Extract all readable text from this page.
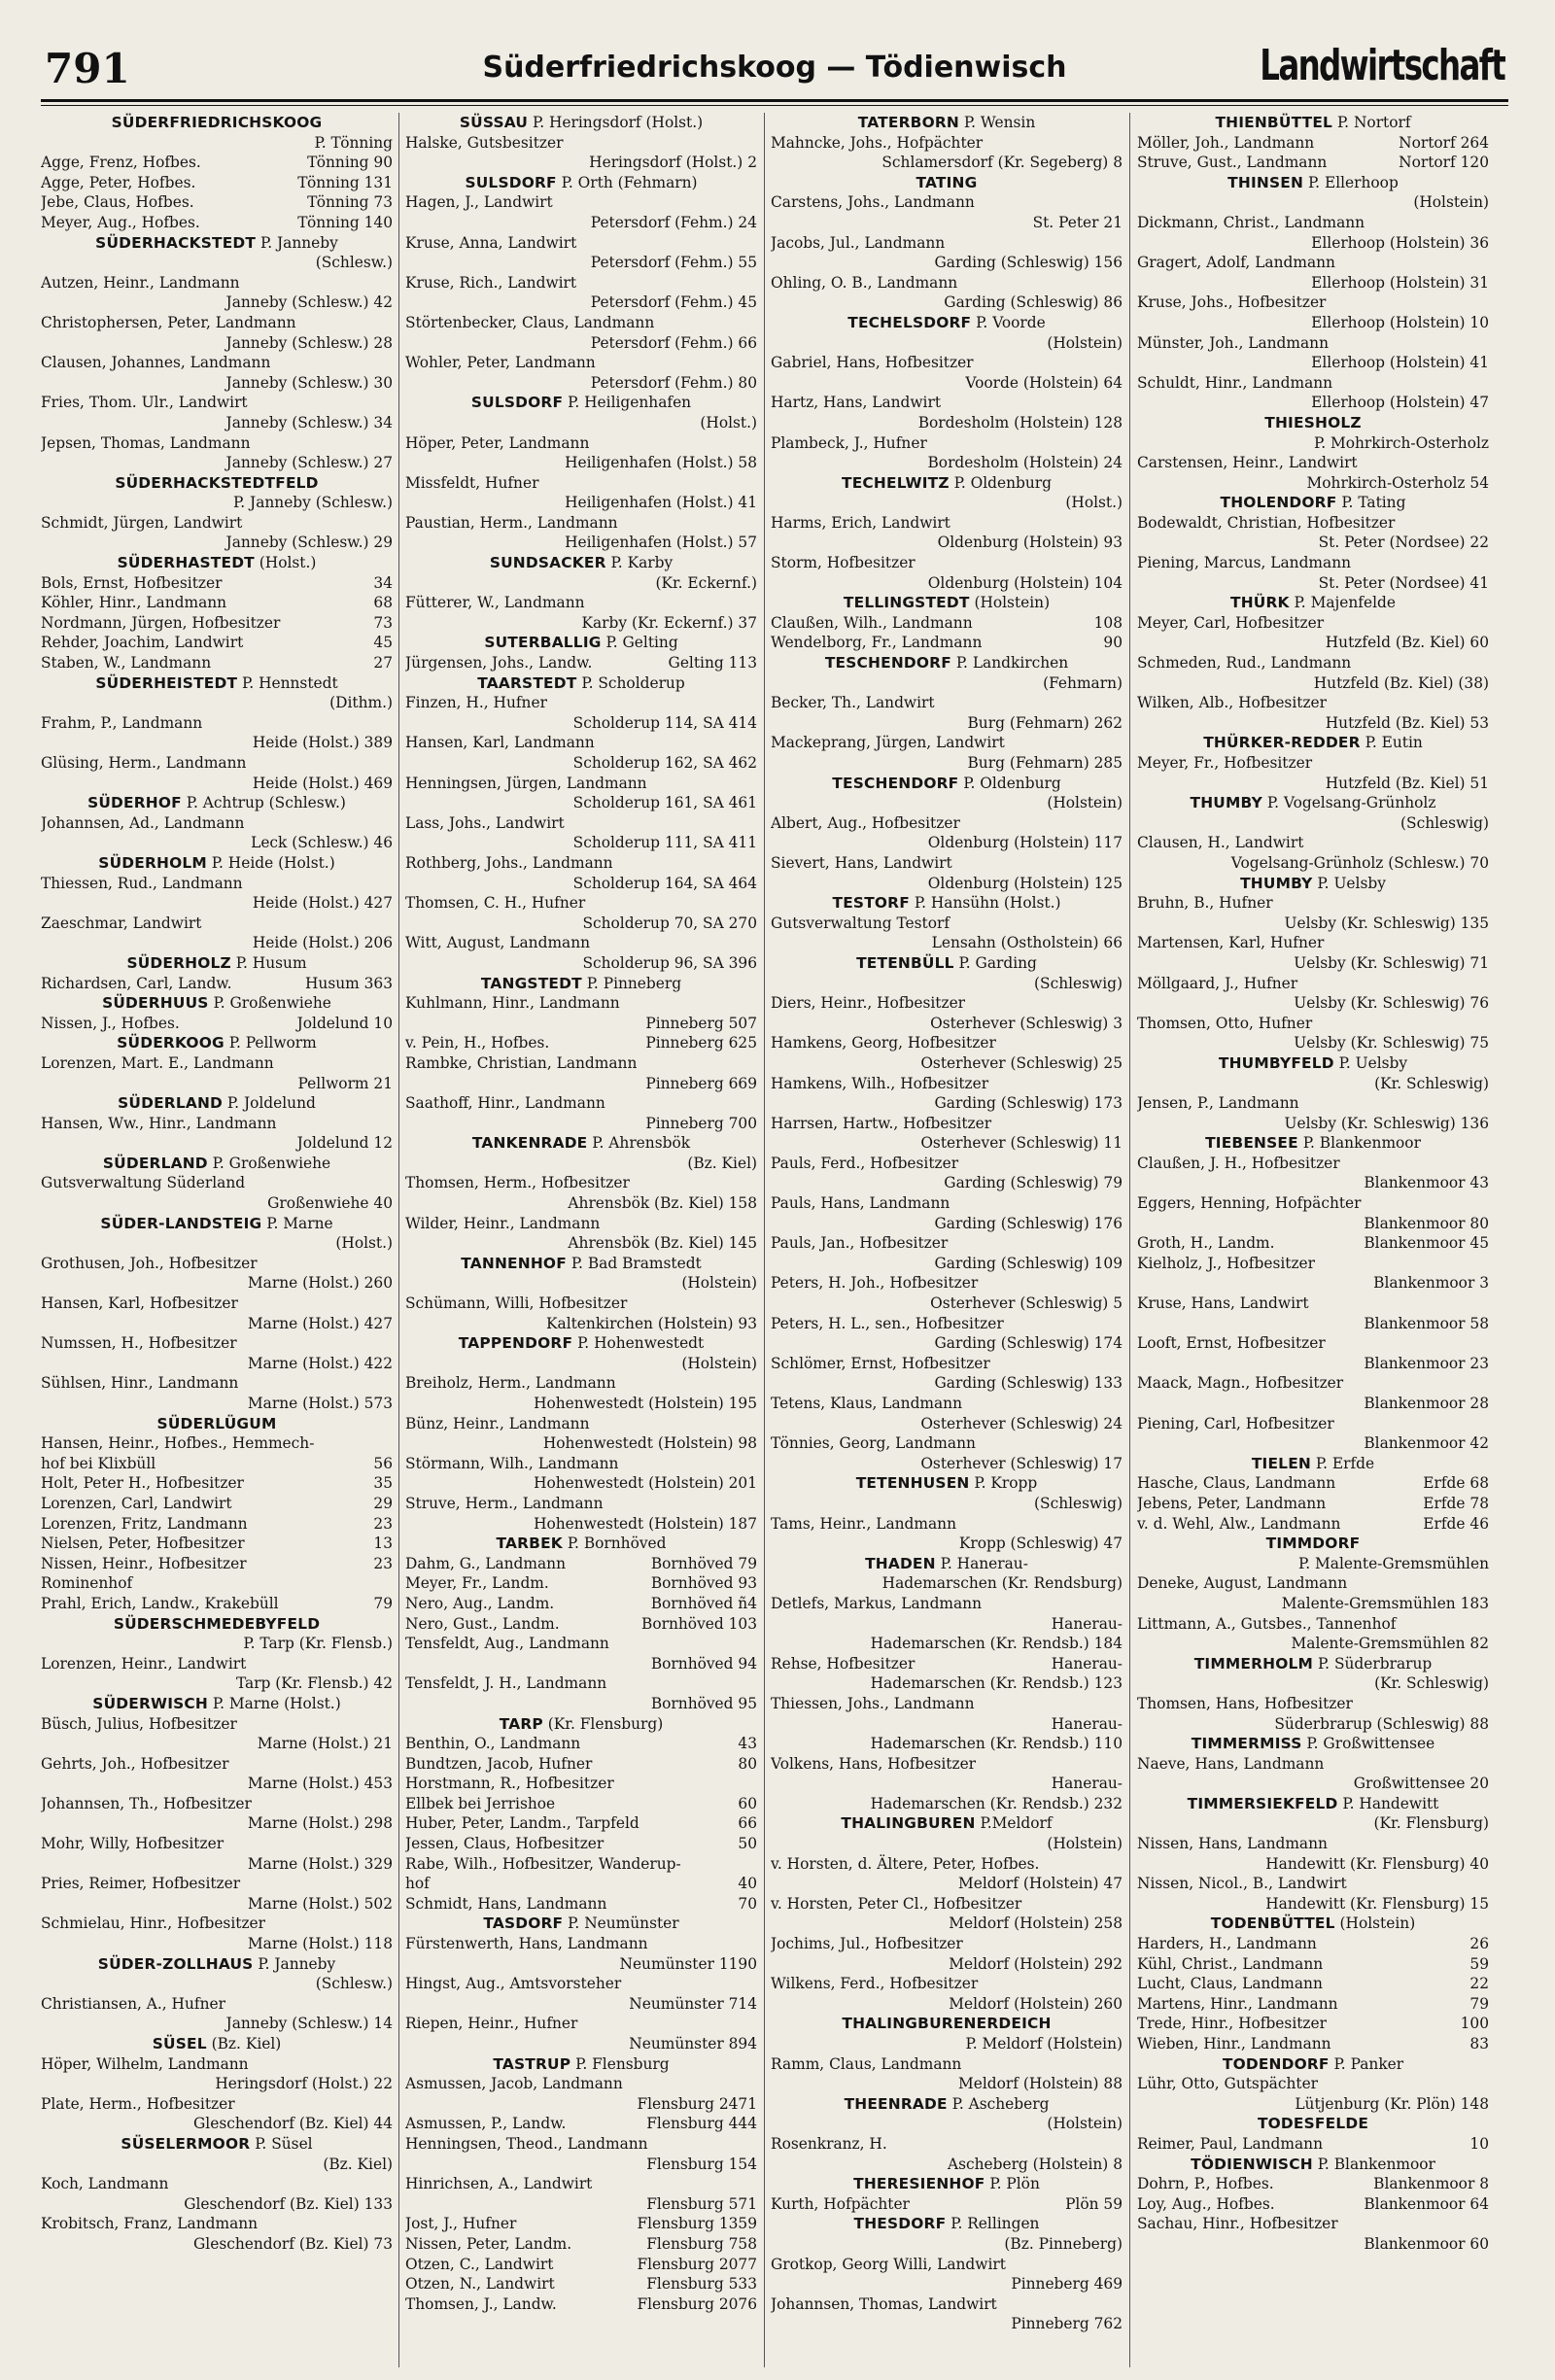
791	Süderfriedrichskoog — Tödienwisch	Landwirtschaft
SÜDERFRIEDRICHSKOOG
P. Tönning
Agge, Frenz, Hofbes.	Tönning 90
Agge, Peter, Hofbes.	Tönning 131
Jebe, Claus, Hofbes.	Tönning 73
Meyer, Aug., Hofbes.	Tönning 140
SÜDERHACKSTEDT P. Janneby
(Schlesw.)
Autzen, Heinr., Landmann
Janneby (Schlesw.) 42
Christophersen, Peter, Landmann
Janneby (Schlesw.) 28
Clausen, Johannes, Landmann
Janneby (Schlesw.) 30
Fries, Thom. Ulr., Landwirt
Janneby (Schlesw.) 34
Jepsen, Thomas, Landmann
Janneby (Schlesw.) 27
SÜDERHACKSTEDTFELD
P. Janneby (Schlesw.)
Schmidt, Jürgen, Landwirt
Janneby (Schlesw.) 29
SÜDERHASTEDT (Holst.)
Bols, Ernst, Hofbesitzer	34
Köhler, Hinr., Landmann	68
Nordmann, Jürgen, Hofbesitzer	73
Rehder, Joachim, Landwirt	45
Staben, W., Landmann	27
SÜDERHEISTEDT P. Hennstedt
(Dithm.)
Frahm, P., Landmann
Heide (Holst.) 389
Glüsing, Herm., Landmann
Heide (Holst.) 469
SÜDERHOF P. Achtrup (Schlesw.)
Johannsen, Ad., Landmann
Leck (Schlesw.) 46
SÜDERHOLM P. Heide (Holst.)
Thiessen, Rud., Landmann
Heide (Holst.) 427
Zaeschmar, Landwirt
Heide (Holst.) 206
SÜDERHOLZ P. Husum
Richardsen, Carl, Landw.	Husum 363
SÜDERHUUS P. Großenwiehe
Nissen, J., Hofbes.	Joldelund 10
SÜDERKOOG P. Pellworm
Lorenzen, Mart. E., Landmann
Pellworm 21
SÜDERLAND P. Joldelund
Hansen, Ww., Hinr., Landmann
Joldelund 12
SÜDERLAND P. Großenwiehe
Gutsverwaltung Süderland
Großenwiehe 40
SÜDER-LANDSTEIG P. Marne
(Holst.)
Grothusen, Joh., Hofbesitzer
Marne (Holst.) 260
Hansen, Karl, Hofbesitzer
Marne (Holst.) 427
Numssen, H., Hofbesitzer
Marne (Holst.) 422
Sühlsen, Hinr., Landmann
Marne (Holst.) 573
SÜDERLÜGUM
Hansen, Heinr., Hofbes., Hemmech-
hof bei Klixbüll	56
Holt, Peter H., Hofbesitzer	35
Lorenzen, Carl, Landwirt	29
Lorenzen, Fritz, Landmann	23
Nielsen, Peter, Hofbesitzer	13
Nissen, Heinr., Hofbesitzer	23
Rominenhof
Prahl, Erich, Landw., Krakebüll	79
SÜDERSCHMEDEBYFELD
P. Tarp (Kr. Flensb.)
Lorenzen, Heinr., Landwirt
Tarp (Kr. Flensb.) 42
SÜDERWISCH P. Marne (Holst.)
Büsch, Julius, Hofbesitzer
Marne (Holst.) 21
Gehrts, Joh., Hofbesitzer
Marne (Holst.) 453
Johannsen, Th., Hofbesitzer
Marne (Holst.) 298
Mohr, Willy, Hofbesitzer
Marne (Holst.) 329
Pries, Reimer, Hofbesitzer
Marne (Holst.) 502
Schmielau, Hinr., Hofbesitzer
Marne (Holst.) 118
SÜDER-ZOLLHAUS P. Janneby
(Schlesw.)
Christiansen, A., Hufner
Janneby (Schlesw.) 14
SÜSEL (Bz. Kiel)
Höper, Wilhelm, Landmann
Heringsdorf (Holst.) 22
Plate, Herm., Hofbesitzer
Gleschendorf (Bz. Kiel) 44
SÜSELERMOOR P. Süsel
(Bz. Kiel)
Koch, Landmann
Gleschendorf (Bz. Kiel) 133
Krobitsch, Franz, Landmann
Gleschendorf (Bz. Kiel) 73
SÜSSAU P. Heringsdorf (Holst.)
Halske, Gutsbesitzer
Heringsdorf (Holst.) 2
SULSDORF P. Orth (Fehmarn)
Hagen, J., Landwirt
Petersdorf (Fehm.) 24
Kruse, Anna, Landwirt
Petersdorf (Fehm.) 55
Kruse, Rich., Landwirt
Petersdorf (Fehm.) 45
Störtenbecker, Claus, Landmann
Petersdorf (Fehm.) 66
Wohler, Peter, Landmann
Petersdorf (Fehm.) 80
SULSDORF P. Heiligenhafen
(Holst.)
Höper, Peter, Landmann
Heiligenhafen (Holst.) 58
Missfeldt, Hufner
Heiligenhafen (Holst.) 41
Paustian, Herm., Landmann
Heiligenhafen (Holst.) 57
SUNDSACKER P. Karby
(Kr. Eckernf.)
Fütterer, W., Landmann
Karby (Kr. Eckernf.) 37
SUTERBALLIG P. Gelting
Jürgensen, Johs., Landw.	Gelting 113
TAARSTEDT P. Scholderup
Finzen, H., Hufner
Scholderup 114, SA 414
Hansen, Karl, Landmann
Scholderup 162, SA 462
Henningsen, Jürgen, Landmann
Scholderup 161, SA 461
Lass, Johs., Landwirt
Scholderup 111, SA 411
Rothberg, Johs., Landmann
Scholderup 164, SA 464
Thomsen, C. H., Hufner
Scholderup 70, SA 270
Witt, August, Landmann
Scholderup 96, SA 396
TANGSTEDT P. Pinneberg
Kuhlmann, Hinr., Landmann
Pinneberg 507
v. Pein, H., Hofbes.	Pinneberg 625
Rambke, Christian, Landmann
Pinneberg 669
Saathoff, Hinr., Landmann
Pinneberg 700
TANKENRADE P. Ahrensbök
(Bz. Kiel)
Thomsen, Herm., Hofbesitzer
Ahrensbök (Bz. Kiel) 158
Wilder, Heinr., Landmann
Ahrensbök (Bz. Kiel) 145
TANNENHOF P. Bad Bramstedt
(Holstein)
Schümann, Willi, Hofbesitzer
Kaltenkirchen (Holstein) 93
TAPPENDORF P. Hohenwestedt
(Holstein)
Breiholz, Herm., Landmann
Hohenwestedt (Holstein) 195
Bünz, Heinr., Landmann
Hohenwestedt (Holstein) 98
Störmann, Wilh., Landmann
Hohenwestedt (Holstein) 201
Struve, Herm., Landmann
Hohenwestedt (Holstein) 187
TARBEK P. Bornhöved
Dahm, G., Landmann	Bornhöved 79
Meyer, Fr., Landm.	Bornhöved 93
Nero, Aug., Landm.	Bornhöved ñ4
Nero, Gust., Landm.	Bornhöved 103
Tensfeldt, Aug., Landmann
Bornhöved 94
Tensfeldt, J. H., Landmann
Bornhöved 95
TARP (Kr. Flensburg)
Benthin, O., Landmann	43
Bundtzen, Jacob, Hufner	80
Horstmann, R., Hofbesitzer
Ellbek bei Jerrishoe	60
Huber, Peter, Landm., Tarpfeld	66
Jessen, Claus, Hofbesitzer	50
Rabe, Wilh., Hofbesitzer, Wanderup-
hof	40
Schmidt, Hans, Landmann	70
TASDORF P. Neumünster
Fürstenwerth, Hans, Landmann
Neumünster 1190
Hingst, Aug., Amtsvorsteher
Neumünster 714
Riepen, Heinr., Hufner
Neumünster 894
TASTRUP P. Flensburg
Asmussen, Jacob, Landmann
Flensburg 2471
Asmussen, P., Landw.	Flensburg 444
Henningsen, Theod., Landmann
Flensburg 154
Hinrichsen, A., Landwirt
Flensburg 571
Jost, J., Hufner	Flensburg 1359
Nissen, Peter, Landm.	Flensburg 758
Otzen, C., Landwirt	Flensburg 2077
Otzen, N., Landwirt	Flensburg 533
Thomsen, J., Landw.	Flensburg 2076
TATERBORN P. Wensin
Mahncke, Johs., Hofpächter
Schlamersdorf (Kr. Segeberg) 8
TATING
Carstens, Johs., Landmann
St. Peter 21
Jacobs, Jul., Landmann
Garding (Schleswig) 156
Ohling, O. B., Landmann
Garding (Schleswig) 86
TECHELSDORF P. Voorde
(Holstein)
Gabriel, Hans, Hofbesitzer
Voorde (Holstein) 64
Hartz, Hans, Landwirt
Bordesholm (Holstein) 128
Plambeck, J., Hufner
Bordesholm (Holstein) 24
TECHELWITZ P. Oldenburg
(Holst.)
Harms, Erich, Landwirt
Oldenburg (Holstein) 93
Storm, Hofbesitzer
Oldenburg (Holstein) 104
TELLINGSTEDT (Holstein)
Claußen, Wilh., Landmann	108
Wendelborg, Fr., Landmann	90
TESCHENDORF P. Landkirchen
(Fehmarn)
Becker, Th., Landwirt
Burg (Fehmarn) 262
Mackeprang, Jürgen, Landwirt
Burg (Fehmarn) 285
TESCHENDORF P. Oldenburg
(Holstein)
Albert, Aug., Hofbesitzer
Oldenburg (Holstein) 117
Sievert, Hans, Landwirt
Oldenburg (Holstein) 125
TESTORF P. Hansühn (Holst.)
Gutsverwaltung Testorf
Lensahn (Ostholstein) 66
TETENBÜLL P. Garding
(Schleswig)
Diers, Heinr., Hofbesitzer
Osterhever (Schleswig) 3
Hamkens, Georg, Hofbesitzer
Osterhever (Schleswig) 25
Hamkens, Wilh., Hofbesitzer
Garding (Schleswig) 173
Harrsen, Hartw., Hofbesitzer
Osterhever (Schleswig) 11
Pauls, Ferd., Hofbesitzer
Garding (Schleswig) 79
Pauls, Hans, Landmann
Garding (Schleswig) 176
Pauls, Jan., Hofbesitzer
Garding (Schleswig) 109
Peters, H. Joh., Hofbesitzer
Osterhever (Schleswig) 5
Peters, H. L., sen., Hofbesitzer
Garding (Schleswig) 174
Schlömer, Ernst, Hofbesitzer
Garding (Schleswig) 133
Tetens, Klaus, Landmann
Osterhever (Schleswig) 24
Tönnies, Georg, Landmann
Osterhever (Schleswig) 17
TETENHUSEN P. Kropp
(Schleswig)
Tams, Heinr., Landmann
Kropp (Schleswig) 47
THADEN P. Hanerau-
Hademarschen (Kr. Rendsburg)
Detlefs, Markus, Landmann
Hanerau-
Hademarschen (Kr. Rendsb.) 184
Rehse, Hofbesitzer	Hanerau-
Hademarschen (Kr. Rendsb.) 123
Thiessen, Johs., Landmann
Hanerau-
Hademarschen (Kr. Rendsb.) 110
Volkens, Hans, Hofbesitzer
Hanerau-
Hademarschen (Kr. Rendsb.) 232
THALINGBUREN P.Meldorf
(Holstein)
v. Horsten, d. Ältere, Peter, Hofbes.
Meldorf (Holstein) 47
v. Horsten, Peter Cl., Hofbesitzer
Meldorf (Holstein) 258
Jochims, Jul., Hofbesitzer
Meldorf (Holstein) 292
Wilkens, Ferd., Hofbesitzer
Meldorf (Holstein) 260
THALINGBURENERDEICH
P. Meldorf (Holstein)
Ramm, Claus, Landmann
Meldorf (Holstein) 88
THEENRADE P. Ascheberg
(Holstein)
Rosenkranz, H.
Ascheberg (Holstein) 8
THERESIENHOF P. Plön
Kurth, Hofpächter	Plön 59
THESDORF P. Rellingen
(Bz. Pinneberg)
Grotkop, Georg Willi, Landwirt
Pinneberg 469
Johannsen, Thomas, Landwirt
Pinneberg 762
THIENBÜTTEL P. Nortorf
Möller, Joh., Landmann	Nortorf 264
Struve, Gust., Landmann	Nortorf 120
THINSEN P. Ellerhoop
(Holstein)
Dickmann, Christ., Landmann
Ellerhoop (Holstein) 36
Gragert, Adolf, Landmann
Ellerhoop (Holstein) 31
Kruse, Johs., Hofbesitzer
Ellerhoop (Holstein) 10
Münster, Joh., Landmann
Ellerhoop (Holstein) 41
Schuldt, Hinr., Landmann
Ellerhoop (Holstein) 47
THIESHOLZ
P. Mohrkirch-Osterholz
Carstensen, Heinr., Landwirt
Mohrkirch-Osterholz 54
THOLENDORF P. Tating
Bodewaldt, Christian, Hofbesitzer
St. Peter (Nordsee) 22
Piening, Marcus, Landmann
St. Peter (Nordsee) 41
THÜRK P. Majenfelde
Meyer, Carl, Hofbesitzer
Hutzfeld (Bz. Kiel) 60
Schmeden, Rud., Landmann
Hutzfeld (Bz. Kiel) (38)
Wilken, Alb., Hofbesitzer
Hutzfeld (Bz. Kiel) 53
THÜRKER-REDDER P. Eutin
Meyer, Fr., Hofbesitzer
Hutzfeld (Bz. Kiel) 51
THUMBY P. Vogelsang-Grünholz
(Schleswig)
Clausen, H., Landwirt
Vogelsang-Grünholz (Schlesw.) 70
THUMBY P. Uelsby
Bruhn, B., Hufner
Uelsby (Kr. Schleswig) 135
Martensen, Karl, Hufner
Uelsby (Kr. Schleswig) 71
Möllgaard, J., Hufner
Uelsby (Kr. Schleswig) 76
Thomsen, Otto, Hufner
Uelsby (Kr. Schleswig) 75
THUMBYFELD P. Uelsby
(Kr. Schleswig)
Jensen, P., Landmann
Uelsby (Kr. Schleswig) 136
TIEBENSEE P. Blankenmoor
Claußen, J. H., Hofbesitzer
Blankenmoor 43
Eggers, Henning, Hofpächter
Blankenmoor 80
Groth, H., Landm.	Blankenmoor 45
Kielholz, J., Hofbesitzer
Blankenmoor 3
Kruse, Hans, Landwirt
Blankenmoor 58
Looft, Ernst, Hofbesitzer
Blankenmoor 23
Maack, Magn., Hofbesitzer
Blankenmoor 28
Piening, Carl, Hofbesitzer
Blankenmoor 42
TIELEN P. Erfde
Hasche, Claus, Landmann	Erfde 68
Jebens, Peter, Landmann	Erfde 78
v. d. Wehl, Alw., Landmann	Erfde 46
TIMMDORF
P. Malente-Gremsmühlen
Deneke, August, Landmann
Malente-Gremsmühlen 183
Littmann, A., Gutsbes., Tannenhof
Malente-Gremsmühlen 82
TIMMERHOLM P. Süderbrarup
(Kr. Schleswig)
Thomsen, Hans, Hofbesitzer
Süderbrarup (Schleswig) 88
TIMMERMISS P. Großwittensee
Naeve, Hans, Landmann
Großwittensee 20
TIMMERSIEKFELD P. Handewitt
(Kr. Flensburg)
Nissen, Hans, Landmann
Handewitt (Kr. Flensburg) 40
Nissen, Nicol., B., Landwirt
Handewitt (Kr. Flensburg) 15
TODENBÜTTEL (Holstein)
Harders, H., Landmann	26
Kühl, Christ., Landmann	59
Lucht, Claus, Landmann	22
Martens, Hinr., Landmann	79
Trede, Hinr., Hofbesitzer	100
Wieben, Hinr., Landmann	83
TODENDORF P. Panker
Lühr, Otto, Gutspächter
Lütjenburg (Kr. Plön) 148
TODESFELDE
Reimer, Paul, Landmann	10
TÖDIENWISCH P. Blankenmoor
Dohrn, P., Hofbes.	Blankenmoor 8
Loy, Aug., Hofbes.	Blankenmoor 64
Sachau, Hinr., Hofbesitzer
Blankenmoor 60
